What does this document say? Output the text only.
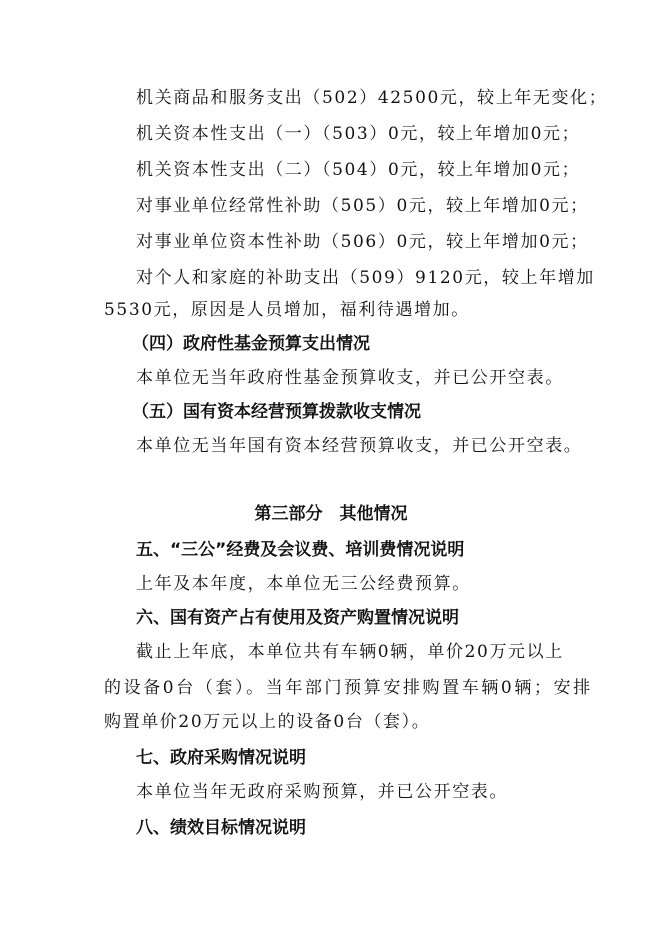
机关商品和服务支出（502）42500元，较上年无变化；
机关资本性支出（一）（503）0元，较上年增加0元；
机关资本性支出（二）（504）0元，较上年增加0元；
对事业单位经常性补助（505）0元，较上年增加0元；
对事业单位资本性补助（506）0元，较上年增加0元；
对个人和家庭的补助支出（509）9120元，较上年增加
5530元，原因是人员增加，福利待遇增加。
（四）政府性基金预算支出情况
本单位无当年政府性基金预算收支，并已公开空表。
（五）国有资本经营预算拨款收支情况
本单位无当年国有资本经营预算收支，并已公开空表。
第三部分　其他情况
五、“三公”经费及会议费、培训费情况说明
上年及本年度，本单位无三公经费预算。
六、国有资产占有使用及资产购置情况说明
截止上年底，本单位共有车辆0辆，单价20万元以上
的设备0台（套）。当年部门预算安排购置车辆0辆；安排
购置单价20万元以上的设备0台（套）。
七、政府采购情况说明
本单位当年无政府采购预算，并已公开空表。
八、绩效目标情况说明
